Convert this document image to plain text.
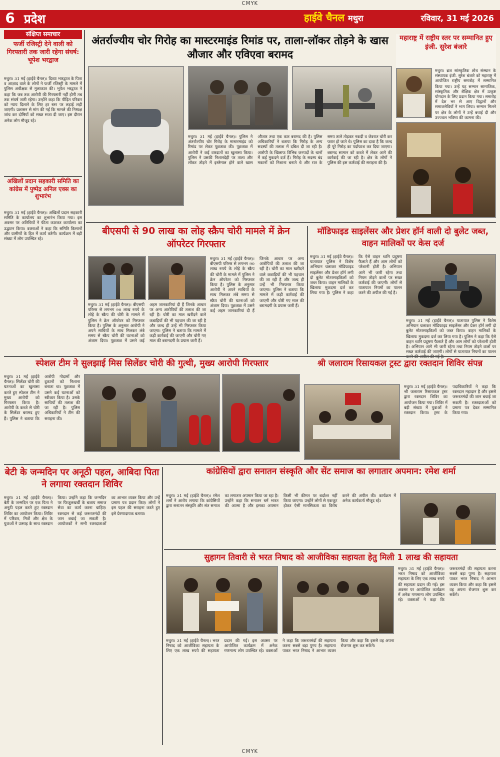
CMYK
6 प्रदेश	हाईवे चैनल मथुरा	रविवार, 31 मई 2026
संक्षिप्त समाचार
फर्जी रजिस्ट्री देने वाली को गिरफ्तारी तक जारी रहेगा संघर्ष: भूपेश भरद्वाज
मथुरा। 31 मई (हाईवे चैनल)। दिव्या भारद्वाज के पिता व आज़ाद वाले के लोगों ने फर्जी रजिस्ट्री के मामले में पुलिस अधीक्षक से मुलाकात की। भूपेश भरद्वाज ने कहा कि जब तक आरोपी की गिरफ्तारी नहीं होगी तब तक संघर्ष जारी रहेगा। उन्होंने कहा कि पीड़ित परिवार को न्याय दिलाने के लिए हर स्तर पर लड़ाई लड़ी जाएगी। प्रशासन से मांग की गई कि मामले की निष्पक्ष जांच कर दोषियों को सख्त सजा दी जाए। इस दौरान अनेक लोग मौजूद रहे।
अखिलों प्रदान सहकारी समिति का कांग्रेस में पुष्पेद्र अनिल एक्स का शुभारंभ
मथुरा। 31 मई (हाईवे चैनल)। अखिलों प्रदान सहकारी समिति के कार्यालय का शुभारंभ किया गया। इस अवसर पर अतिथियों ने फीता काटकर कार्यालय का उद्घाटन किया। वक्ताओं ने कहा कि समिति किसानों और ग्रामीणों के हित में कार्य करेगी। कार्यक्रम में बड़ी संख्या में लोग उपस्थित रहे।
अंतर्राज्यीय चोर गिरोह का मास्टरमाइंड रिमांड पर, ताला-लॉकर तोड़ने के खास औजार और एविएवा बरामद
मथुरा। 31 मई (हाईवे चैनल)। पुलिस ने अंतर्राज्यीय चोर गिरोह के मास्टरमाइंड को रिमांड पर लेकर पूछताछ की। पूछताछ में आरोपी ने कई वारदातों का खुलासा किया। पुलिस ने उसकी निशानदेही पर ताला और लॉकर तोड़ने में इस्तेमाल होने वाले खास औजार तथा एक कार बरामद की है। पुलिस अधिकारियों ने बताया कि गिरोह के अन्य सदस्यों की तलाश में दबिश दी जा रही है। आरोपी के खिलाफ विभिन्न जनपदों के थानों में कई मुकदमे दर्ज हैं। गिरोह के सदस्य बंद मकानों को निशाना बनाते थे और रात के समय ताले तोड़कर नकदी व जेवरात चोरी कर फरार हो जाते थे। पुलिस का दावा है कि जल्द ही पूरे गिरोह का पर्दाफाश कर दिया जाएगा। बरामद सामान को कब्जे में लेकर आगे की कार्रवाई की जा रही है। क्षेत्र के लोगों ने पुलिस की इस कार्रवाई की सराहना की है।
महाराष्ट्र में राष्ट्रीय स्तर पर सम्मानित हुए इंजी. सुरेश बंजारे
मथुरा। ब्रज सांस्कृतिक शोध संस्थान के संस्थापक इंजी. सुरेश बंजारे को महाराष्ट्र में आयोजित राष्ट्रीय समारोह में सम्मानित किया गया। उन्हें यह सम्मान सामाजिक, सांस्कृतिक और शैक्षिक क्षेत्र में उत्कृष्ट योगदान के लिए प्रदान किया गया। समारोह में देश भर से आए विद्वानों और समाजसेवियों ने भाग लिया। सम्मान मिलने पर क्षेत्र के लोगों ने उन्हें बधाई दी और उज्ज्वल भविष्य की कामना की।
बीएसपी से 90 लाख का लोह स्क्रैप चोरी मामले में क्रेन ऑपरेटर गिरफ्तार
मथुरा। 31 मई (हाईवे चैनल)। बीएसपी परिसर से लगभग 90 लाख रुपये के लोहे के स्क्रैप की चोरी के मामले में पुलिस ने क्रेन ऑपरेटर को गिरफ्तार किया है। पुलिस के अनुसार आरोपी ने अपने साथियों के साथ मिलकर लंबे समय से स्क्रैप चोरी की घटनाओं को अंजाम दिया। पूछताछ में उसने कई अहम जानकारियां दी हैं जिनके आधार पर अन्य आरोपियों की तलाश की जा रही है। चोरी का माल खरीदने वाले कबाड़ियों की भी पहचान की जा रही है और जल्द ही उन्हें भी गिरफ्तार किया जाएगा। पुलिस ने बताया कि मामले में कड़ी कार्रवाई की जाएगी और चोरी गए माल की बरामदगी के प्रयास जारी हैं।
मथुरा। 31 मई (हाईवे चैनल)। बीएसपी परिसर से लगभग 90 लाख रुपये के लोहे के स्क्रैप की चोरी के मामले में पुलिस ने क्रेन ऑपरेटर को गिरफ्तार किया है। पुलिस के अनुसार आरोपी ने अपने साथियों के साथ मिलकर लंबे समय से स्क्रैप चोरी की घटनाओं को अंजाम दिया। पूछताछ में उसने कई अहम जानकारियां दी हैं जिनके आधार पर अन्य आरोपियों की तलाश की जा रही है। चोरी का माल खरीदने वाले कबाड़ियों की भी पहचान की जा रही है और जल्द ही उन्हें भी गिरफ्तार किया जाएगा। पुलिस ने बताया कि मामले में कड़ी कार्रवाई की जाएगी और चोरी गए माल की बरामदगी के प्रयास जारी हैं।
मॉडिफाइड साइलेंसर और प्रेशर हॉर्न वाली दो बुलेट जब्त, वाहन मालिकों पर केस दर्ज
मथुरा। 31 मई (हाईवे चैनल)। यातायात पुलिस ने विशेष अभियान चलाकर मॉडिफाइड साइलेंसर और प्रेशर हॉर्न लगी दो बुलेट मोटरसाइकिलों को जब्त किया। वाहन मालिकों के खिलाफ मुकदमा दर्ज कर लिया गया है। पुलिस ने कहा कि ऐसे वाहन ध्वनि प्रदूषण फैलाते हैं और आम लोगों को परेशानी होती है। अभियान आगे भी जारी रहेगा तथा नियम तोड़ने वालों पर सख्त कार्रवाई की जाएगी। लोगों से यातायात नियमों का पालन करने की अपील की गई है।
मथुरा। 31 मई (हाईवे चैनल)। यातायात पुलिस ने विशेष अभियान चलाकर मॉडिफाइड साइलेंसर और प्रेशर हॉर्न लगी दो बुलेट मोटरसाइकिलों को जब्त किया। वाहन मालिकों के खिलाफ मुकदमा दर्ज कर लिया गया है। पुलिस ने कहा कि ऐसे वाहन ध्वनि प्रदूषण फैलाते हैं और आम लोगों को परेशानी होती है। अभियान आगे भी जारी रहेगा तथा नियम तोड़ने वालों पर सख्त कार्रवाई की जाएगी। लोगों से यातायात नियमों का पालन
स्पेशल टीम ने सुलझाई मिस सिलेंडर चोरी की गुत्थी, मुख्य आरोपी गिरफ्तार
मथुरा। 31 मई (हाईवे चैनल)। सिलेंडर चोरी की घटनाओं का खुलासा करते हुए स्पेशल टीम ने मुख्य आरोपी को गिरफ्तार किया है। आरोपी के कब्जे से चोरी के सिलेंडर बरामद हुए हैं। पुलिस ने बताया कि आरोपी गोदामों और दुकानों को निशाना बनाता था। पूछताछ में उसने कई घटनाओं को स्वीकार किया है। उसके साथियों की तलाश की जा रही है। पुलिस अधिकारियों ने टीम की सराहना की।
श्री जलाराम रिसायकल ट्रस्ट द्वारा रक्तदान शिविर संपन्न
मथुरा। 31 मई (हाईवे चैनल)। श्री जलाराम रिसायकल ट्रस्ट द्वारा रक्तदान शिविर का आयोजन किया गया। शिविर में बड़ी संख्या में युवाओं ने रक्तदान किया। ट्रस्ट के पदाधिकारियों ने कहा कि रक्तदान महादान है और इससे जरूरतमंदों की जान बचाई जा सकती है। रक्तदाताओं को प्रमाण पत्र देकर सम्मानित किया गया।
बेटी के जन्मदिन पर अनूठी पहल, आबिदा पिता ने लगाया रक्तदान शिविर
मथुरा। 31 मई (हाईवे चैनल)। बेटी के जन्मदिन पर एक पिता ने अनूठी पहल करते हुए रक्तदान शिविर का आयोजन किया। शिविर में परिवार, मित्रों और क्षेत्र के युवाओं ने उत्साह के साथ रक्तदान किया। उन्होंने कहा कि जन्मदिन पर फिजूलखर्ची के बजाय समाज सेवा का कार्य करना चाहिए। रक्तदान से कई जरूरतमंदों की जान बचाई जा सकती है। आयोजकों ने सभी रक्तदाताओं का आभार व्यक्त किया और उन्हें प्रमाण पत्र प्रदान किए। लोगों ने इस पहल की सराहना करते हुए इसे प्रेरणादायक बताया।
कांग्रेसियों द्वारा सनातन संस्कृति और सेंट समाज का लगातार अपमान: रमेश शर्मा
मथुरा। 31 मई (हाईवे चैनल)। रमेश शर्मा ने आरोप लगाया कि कांग्रेसियों द्वारा सनातन संस्कृति और संत समाज का लगातार अपमान किया जा रहा है। उन्होंने कहा कि सनातन धर्म भारत की आत्मा है और इसका अपमान किसी भी कीमत पर बर्दाश्त नहीं किया जाएगा। उन्होंने लोगों से एकजुट होकर ऐसी मानसिकता का विरोध करने की अपील की। कार्यक्रम में अनेक कार्यकर्ता मौजूद रहे।
सुहागन तिवारी से भरत निषाद को आजीविका सहायता हेतु मिली 1 लाख की सहायता
मथुरा। 31 मई (हाईवे चैनल)। भरत निषाद को आजीविका सहायता के लिए एक लाख रुपये की सहायता प्रदान की गई। इस अवसर पर आयोजित कार्यक्रम में अनेक गणमान्य लोग उपस्थित रहे। वक्ताओं ने कहा कि जरूरतमंदों की सहायता करना सबसे बड़ा पुण्य है। सहायता पाकर भरत निषाद ने आभार व्यक्त किया और कहा कि इससे वह अपना रोजगार शुरू कर सकेंगे।
मथुरा। 31 मई (हाईवे चैनल)। भरत निषाद को आजीविका सहायता के लिए एक लाख रुपये की सहायता प्रदान की गई। इस अवसर पर आयोजित कार्यक्रम में अनेक गणमान्य लोग उपस्थित रहे। वक्ताओं ने कहा कि जरूरतमंदों की सहायता करना सबसे बड़ा पुण्य है। सहायता पाकर भरत निषाद ने आभार व्यक्त किया और कहा कि इससे वह अपना रोजगार शुरू कर सकेंगे।
CMYK
